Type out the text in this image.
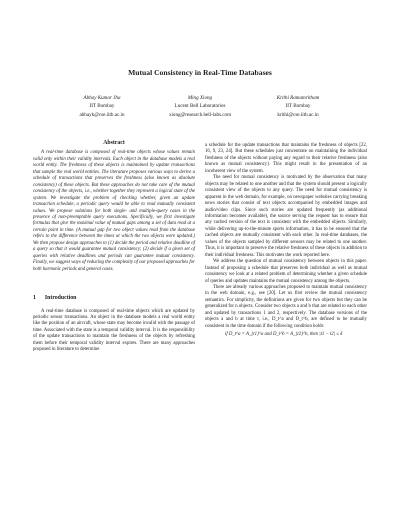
Mutual Consistency in Real-Time Databases
Abhay Kumar Jha
IIT Bombay
abhayk@cse.iitb.ac.in
Ming Xiong
Lucent Bell Laboratories
xiong@research.bell-labs.com
Krithi Ramamritham
IIT Bombay
krithi@cse.iitb.ac.in
Abstract

A real-time database is composed of real-time objects whose values remain valid only within their validity intervals. Each object in the database models a real world entity. The freshness of these objects is maintained by update transactions that sample the real world entities. The literature proposes various ways to derive a schedule of transactions that preserves the freshness (also known as absolute consistency) of these objects. But these approaches do not take care of the mutual consistency of the objects, i.e., whether together they represent a logical state of the system. We investigate the problem of checking whether, given an update transaction schedule, a periodic query would be able to read mutually consistent values. We propose solutions for both single- and multiple-query cases in the presence of non-preemptable query executions. Specifically, we first investigate formulas that give the maximal value of mutual gaps among a set of data read at a certain point in time. (A mutual gap for two object values read from the database refers to the difference between the times at which the two objects were updated.) We then propose design approaches to (1) decide the period and relative deadline of a query so that it would guarantee mutual consistency; (2) decide if a given set of queries with relative deadlines and periods can guarantee mutual consistency. Finally, we suggest ways of reducing the complexity of our proposed approaches for both harmonic periods and general cases.

1 Introduction

A real-time database is composed of real-time objects which are updated by periodic sensor transactions. An object in the database models a real world entity like the position of an aircraft, whose state may become invalid with the passage of time. Associated with the state is a temporal validity interval. It is the responsibility of the update transactions to maintain the freshness of the objects by refreshing them before their temporal validity interval expires. There are many approaches proposed in literature to determine

a schedule for the update transactions that maintains the freshness of objects [22, 16, 9, 23, 24]. But these schedules just concentrate on maintaining the individual freshness of the objects without paying any regard to their relative freshness (also known as mutual consistency). This might result in the presentation of an incoherent view of the system.

The need for mutual consistency is motivated by the observation that many objects may be related to one another and that the system should present a logically consistent view of the objects to any query. The need for mutual consistency is apparent in the web domain, for example, on newspaper websites carrying breaking news stories that consist of text objects accompanied by embedded images and audio/video clips. Since such stories are updated frequently (as additional information becomes available), the source serving the request has to ensure that any cached version of the text is consistent with the embedded objects. Similarly, while delivering up-to-the-minute sports information, it has to be ensured that the cached objects are mutually consistent with each other. In real-time databases, the values of the objects sampled by different sensors may be related to one another. Thus, it is important to preserve the relative freshness of these objects in addition to their individual freshness. This motivates the work reported here.

We address the question of mutual consistency between objects in this paper. Instead of proposing a schedule that preserves both individual as well as mutual consistency we look at a related problem of determining whether a given schedule of queries and updates maintains the mutual consistency among the objects.

There are already various approaches proposed to maintain mutual consistency in the web domain, e.g., see [20]. Let us first review the mutual consistency semantics. For simplicity, the definitions are given for two objects but they can be generalized for n objects. Consider two objects a and b that are related to each other and updated by transactions 1 and 2, respectively. The database versions of the objects a and b at time t, i.e., D_t^a and D_t^b, are defined to be mutually consistent in the time domain if the following condition holds

if D_t^a = A_{t1}^a and D_t^b = A_{t2}^b, then |t1 − t2| ≤ δ
